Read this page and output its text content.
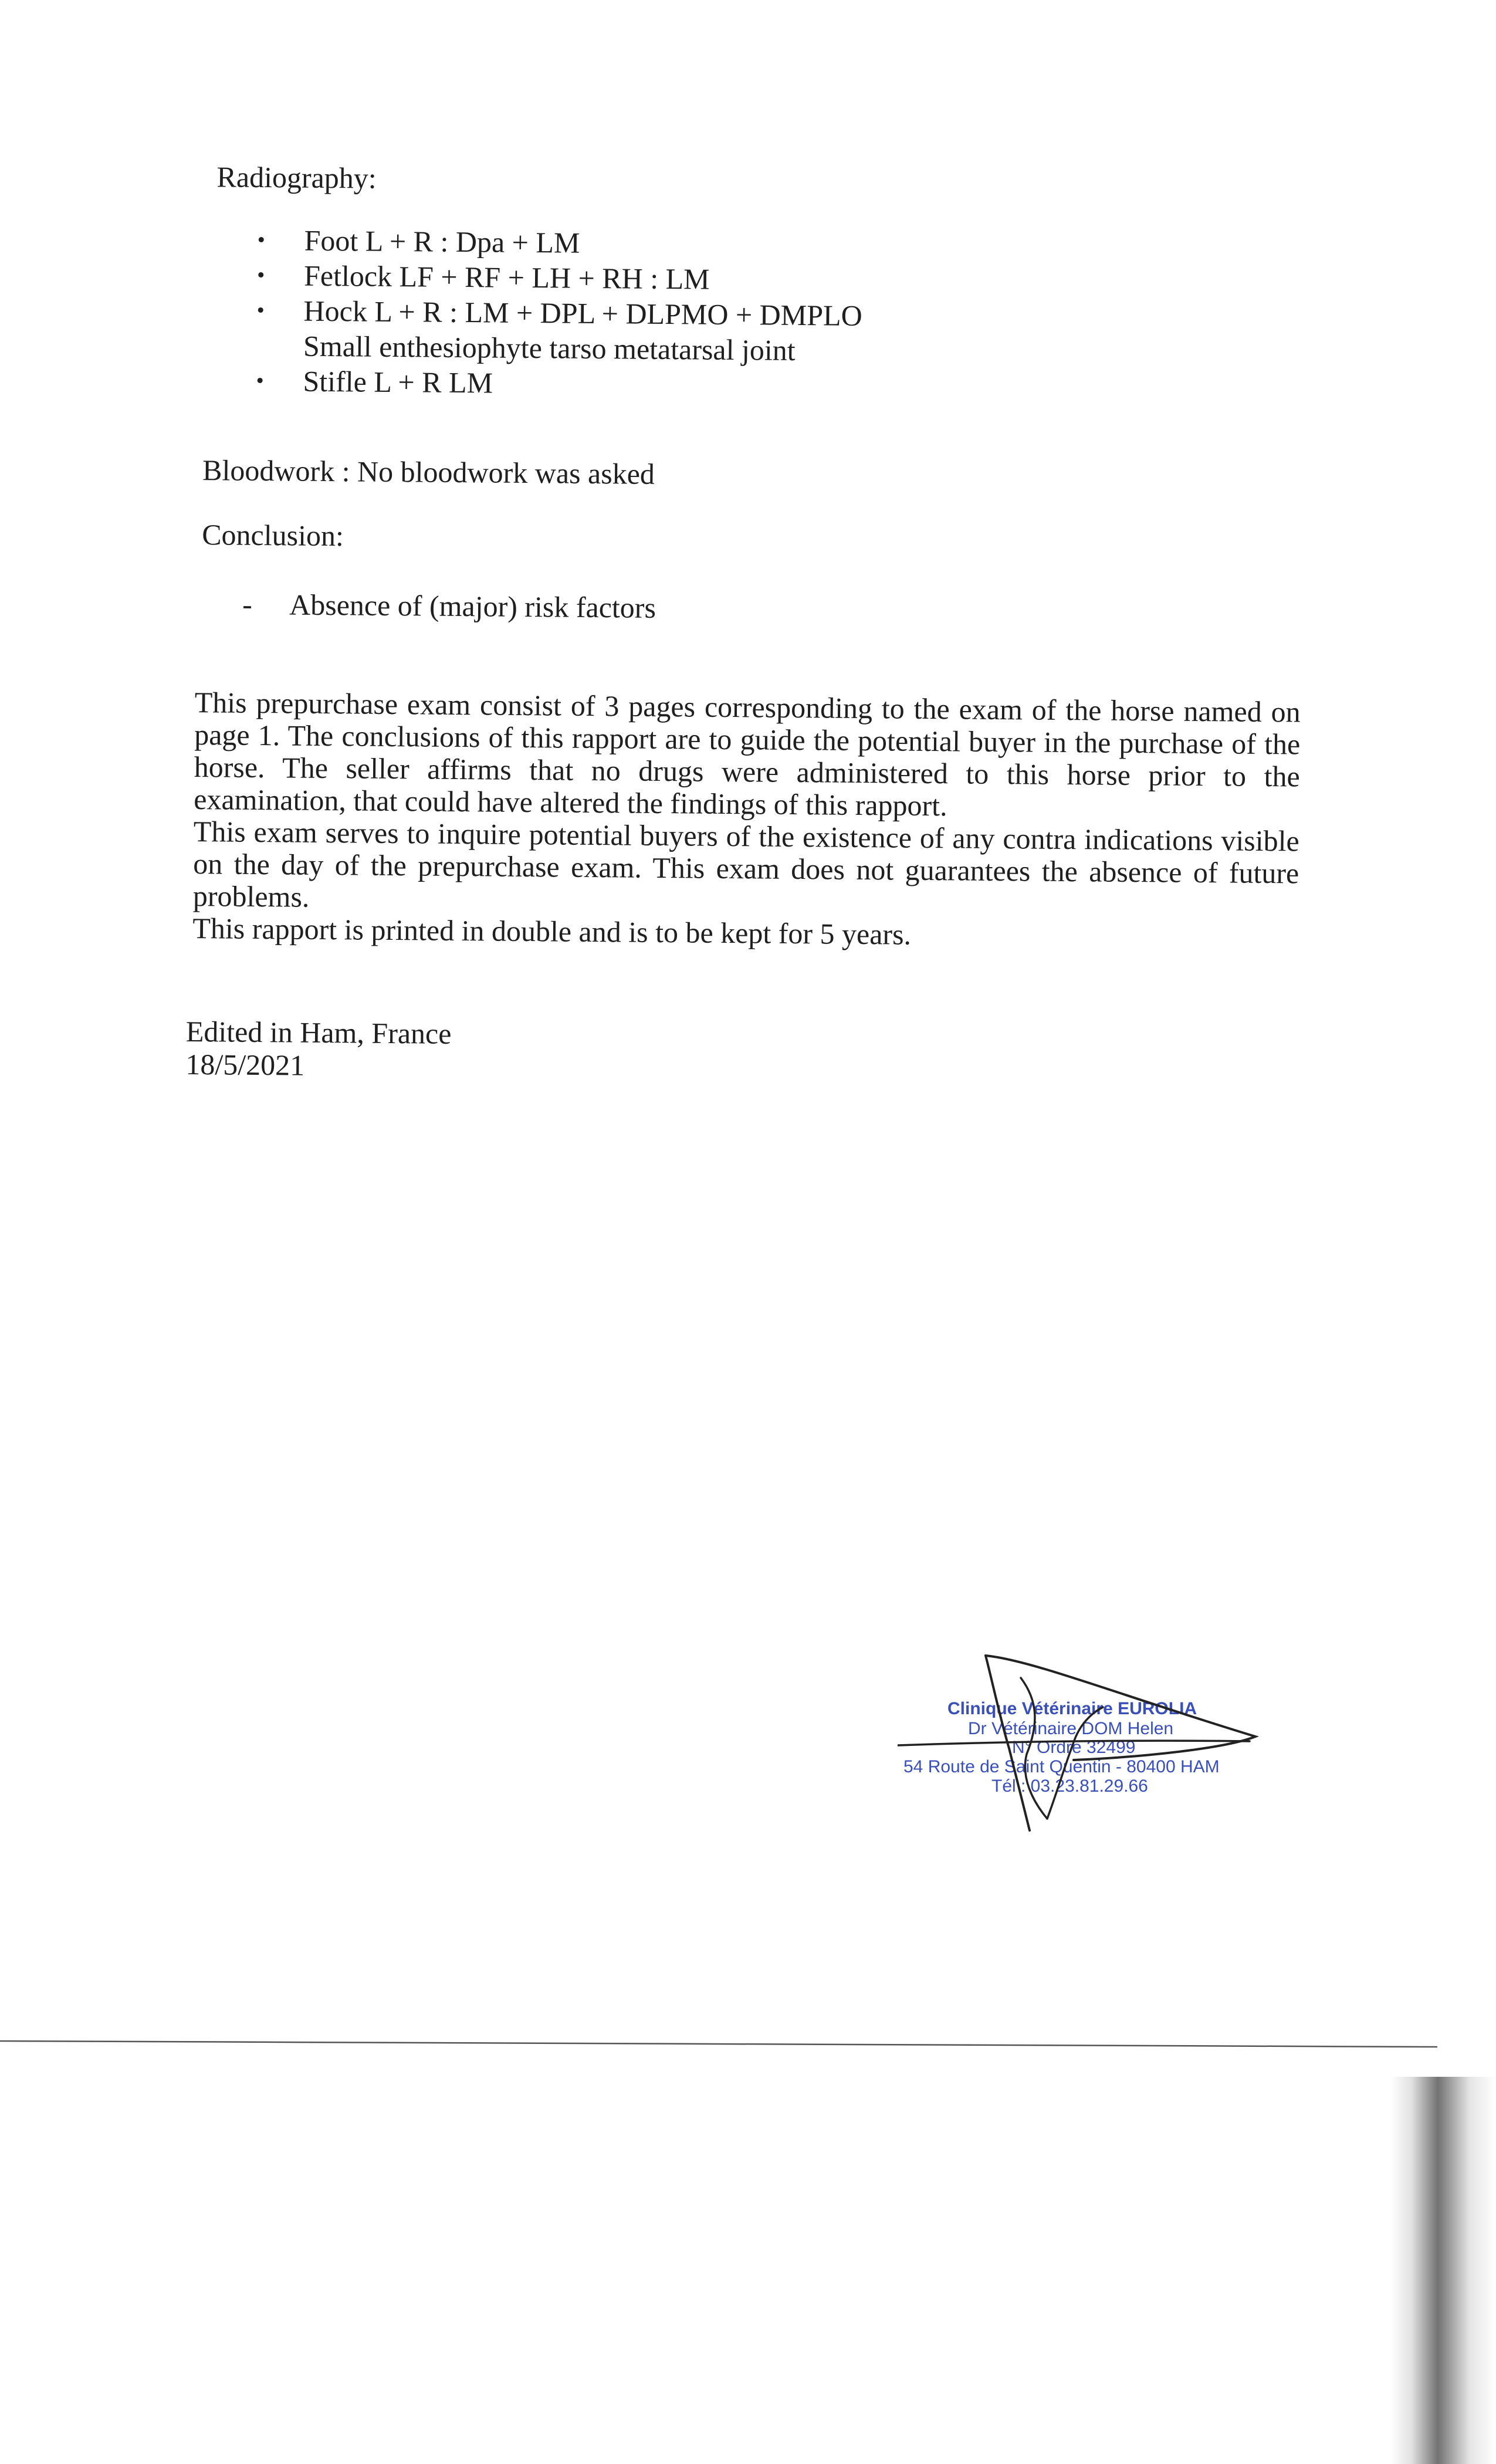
Radiography:
• Foot L + R : Dpa + LM
• Fetlock LF + RF + LH + RH : LM
• Hock L + R : LM + DPL + DLPMO + DMPLO
Small enthesiophyte tarso metatarsal joint
• Stifle L + R LM
Bloodwork : No bloodwork was asked
Conclusion:
- Absence of (major) risk factors

This prepurchase exam consist of 3 pages corresponding to the exam of the horse named on page 1. The conclusions of this rapport are to guide the potential buyer in the purchase of the horse. The seller affirms that no drugs were administered to this horse prior to the examination, that could have altered the findings of this rapport.

This exam serves to inquire potential buyers of the existence of any contra indications visible on the day of the prepurchase exam. This exam does not guarantees the absence of future problems.

This rapport is printed in double and is to be kept for 5 years.

Edited in Ham, France
18/5/2021
Clinique Vétérinaire EUROLIA
Dr Vétérinaire DOM Helen
N° Ordre 32499
54 Route de Saint Quentin - 80400 HAM
Tél : 03.23.81.29.66
